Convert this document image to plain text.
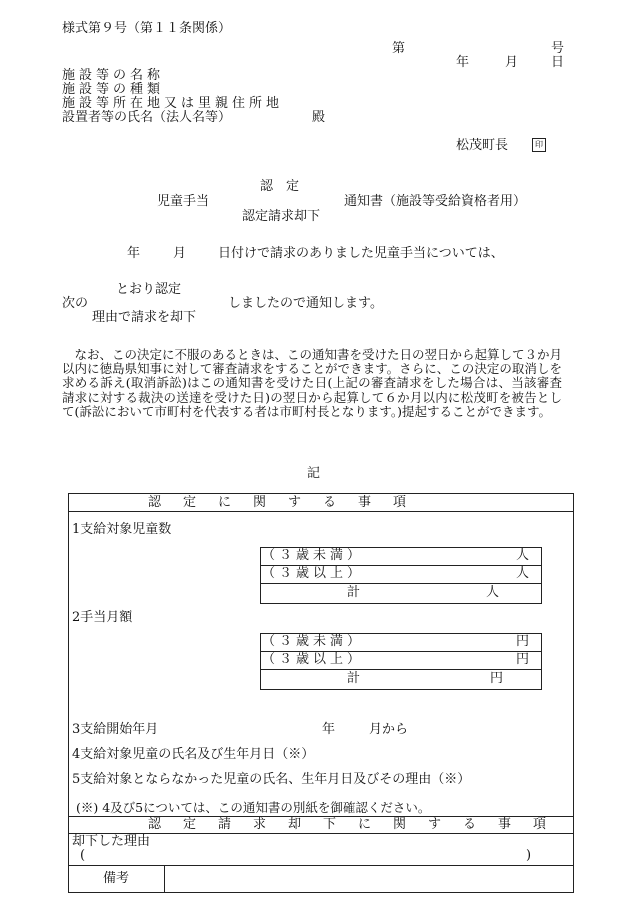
様式第９号（第１１条関係）
第	号
年	月	日
施設等の名称
施設等の種類
施設等所在地又は里親住所地
設置者等の氏名（法人名等）	殿
松茂町長	印
認　定
児童手当	通知書（施設等受給資格者用）
認定請求却下
年	月 日付けで請求のありました児童手当については、
とおり認定
次の	しましたので通知します。
理由で請求を却下
　なお、この決定に不服のあるときは、この通知書を受けた日の翌日から起算して３か月以内に徳島県知事に対して審査請求をすることができます。さらに、この決定の取消しを求める訴え(取消訴訟)はこの通知書を受けた日(上記の審査請求をした場合は、当該審査請求に対する裁決の送達を受けた日)の翌日から起算して６か月以内に松茂町を被告として(訴訟において市町村を代表する者は市町村長となります。)提起することができます。
記
認定に関する事項
1支給対象児童数
（３歳未満）	人
（３歳以上）	人
計	人
2手当月額
（３歳未満）	円
（３歳以上）	円
計	円
3支給開始年月	年	月から
4支給対象児童の氏名及び生年月日（※）
5支給対象とならなかった児童の氏名、生年月日及びその理由（※）
(※) 4及び5については、この通知書の別紙を御確認ください。
認定請求却下に関する事項
却下した理由
(	)
備考
